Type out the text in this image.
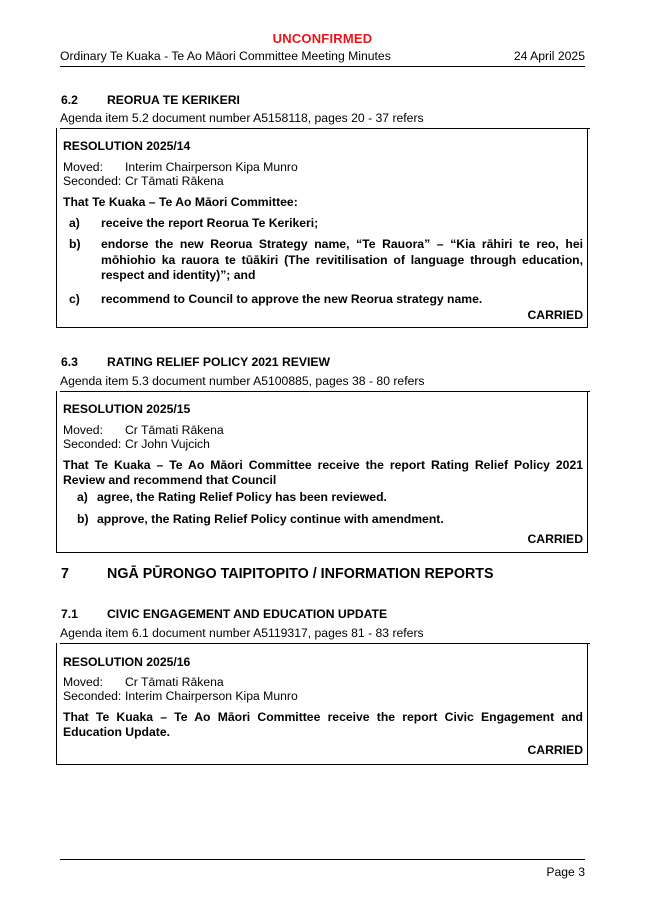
UNCONFIRMED
Ordinary Te Kuaka - Te Ao Māori Committee Meeting Minutes	24 April 2025
6.2 REORUA TE KERIKERI
Agenda item 5.2 document number A5158118, pages 20 - 37 refers
RESOLUTION 2025/14
Moved: Interim Chairperson Kipa Munro
Seconded: Cr Tāmati Rākena
That Te Kuaka – Te Ao Māori Committee:
a) receive the report Reorua Te Kerikeri;
b) endorse the new Reorua Strategy name, “Te Rauora” – “Kia rāhiri te reo, hei mōhiohio ka rauora te tūākiri (The revitilisation of language through education, respect and identity)”; and
c) recommend to Council to approve the new Reorua strategy name.
CARRIED
6.3 RATING RELIEF POLICY 2021 REVIEW
Agenda item 5.3 document number A5100885, pages 38 - 80 refers
RESOLUTION 2025/15
Moved: Cr Tāmati Rākena
Seconded: Cr John Vujcich
That Te Kuaka – Te Ao Māori Committee receive the report Rating Relief Policy 2021 Review and recommend that Council
a) agree, the Rating Relief Policy has been reviewed.
b) approve, the Rating Relief Policy continue with amendment.
CARRIED
7	NGĀ PŪRONGO TAIPITOPITO / INFORMATION REPORTS
7.1 CIVIC ENGAGEMENT AND EDUCATION UPDATE
Agenda item 6.1 document number A5119317, pages 81 - 83 refers
RESOLUTION 2025/16
Moved: Cr Tāmati Rākena
Seconded: Interim Chairperson Kipa Munro
That Te Kuaka – Te Ao Māori Committee receive the report Civic Engagement and Education Update.
CARRIED
Page 3
